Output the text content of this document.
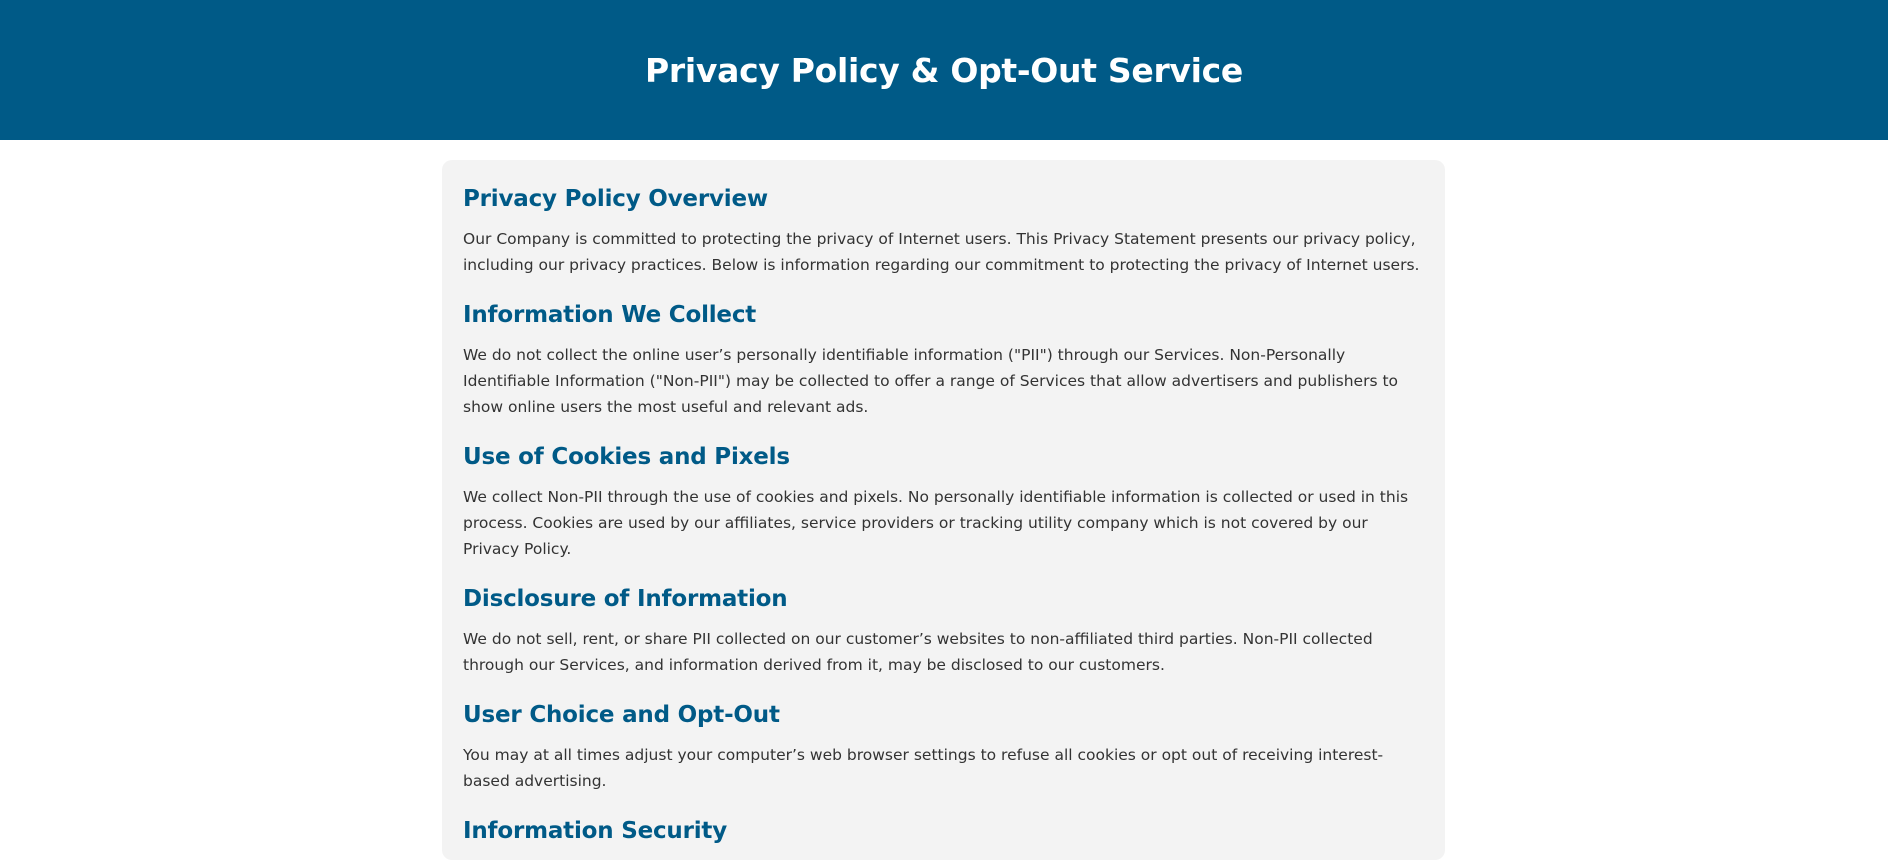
Privacy Policy & Opt-Out Service
Privacy Policy Overview

Our Company is committed to protecting the privacy of Internet users. This Privacy Statement presents our privacy policy, including our privacy practices. Below is information regarding our commitment to protecting the privacy of Internet users.

Information We Collect

We do not collect the online user’s personally identifiable information ("PII") through our Services. Non-Personally Identifiable Information ("Non-PII") may be collected to offer a range of Services that allow advertisers and publishers to show online users the most useful and relevant ads.

Use of Cookies and Pixels

We collect Non-PII through the use of cookies and pixels. No personally identifiable information is collected or used in this process. Cookies are used by our affiliates, service providers or tracking utility company which is not covered by our Privacy Policy.

Disclosure of Information

We do not sell, rent, or share PII collected on our customer’s websites to non-affiliated third parties. Non-PII collected through our Services, and information derived from it, may be disclosed to our customers.

User Choice and Opt-Out

You may at all times adjust your computer’s web browser settings to refuse all cookies or opt out of receiving interest-based advertising.

Information Security
